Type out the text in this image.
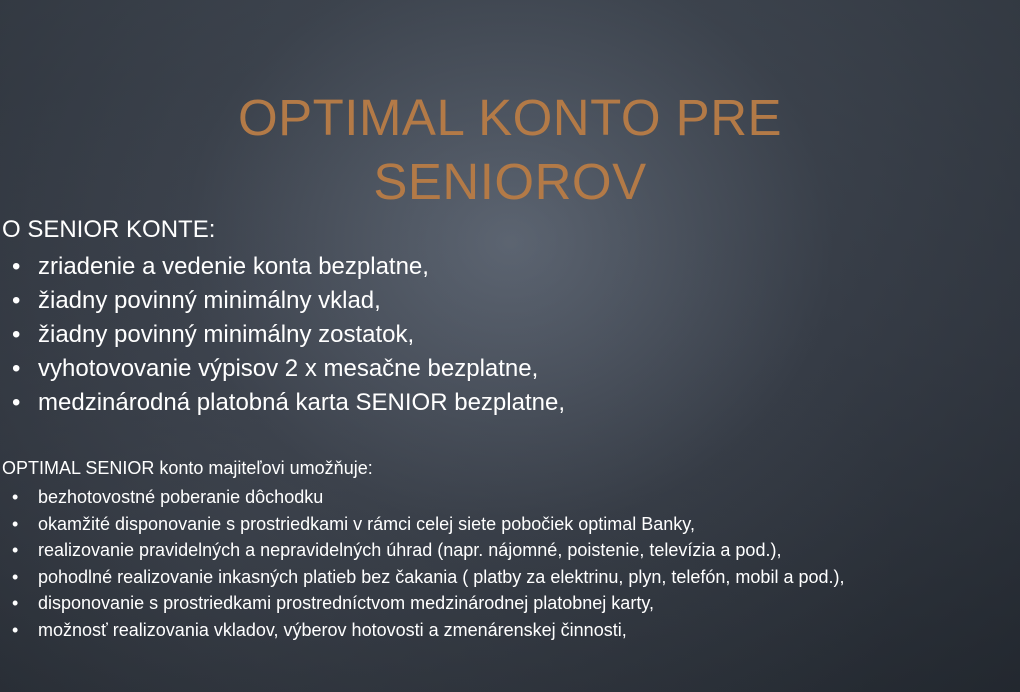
OPTIMAL KONTO PRE
SENIOROV
O SENIOR KONTE:
• zriadenie a vedenie konta bezplatne,
• žiadny povinný minimálny vklad,
• žiadny povinný minimálny zostatok,
• vyhotovovanie výpisov 2 x mesačne bezplatne,
• medzinárodná platobná karta SENIOR bezplatne,
OPTIMAL SENIOR konto majiteľovi umožňuje:
• bezhotovostné poberanie dôchodku
• okamžité disponovanie s prostriedkami v rámci celej siete pobočiek optimal Banky,
• realizovanie pravidelných a nepravidelných úhrad (napr. nájomné, poistenie, televízia a pod.),
• pohodlné realizovanie inkasných platieb bez čakania ( platby za elektrinu, plyn, telefón, mobil a pod.),
• disponovanie s prostriedkami prostredníctvom medzinárodnej platobnej karty,
• možnosť realizovania vkladov, výberov hotovosti a zmenárenskej činnosti,
